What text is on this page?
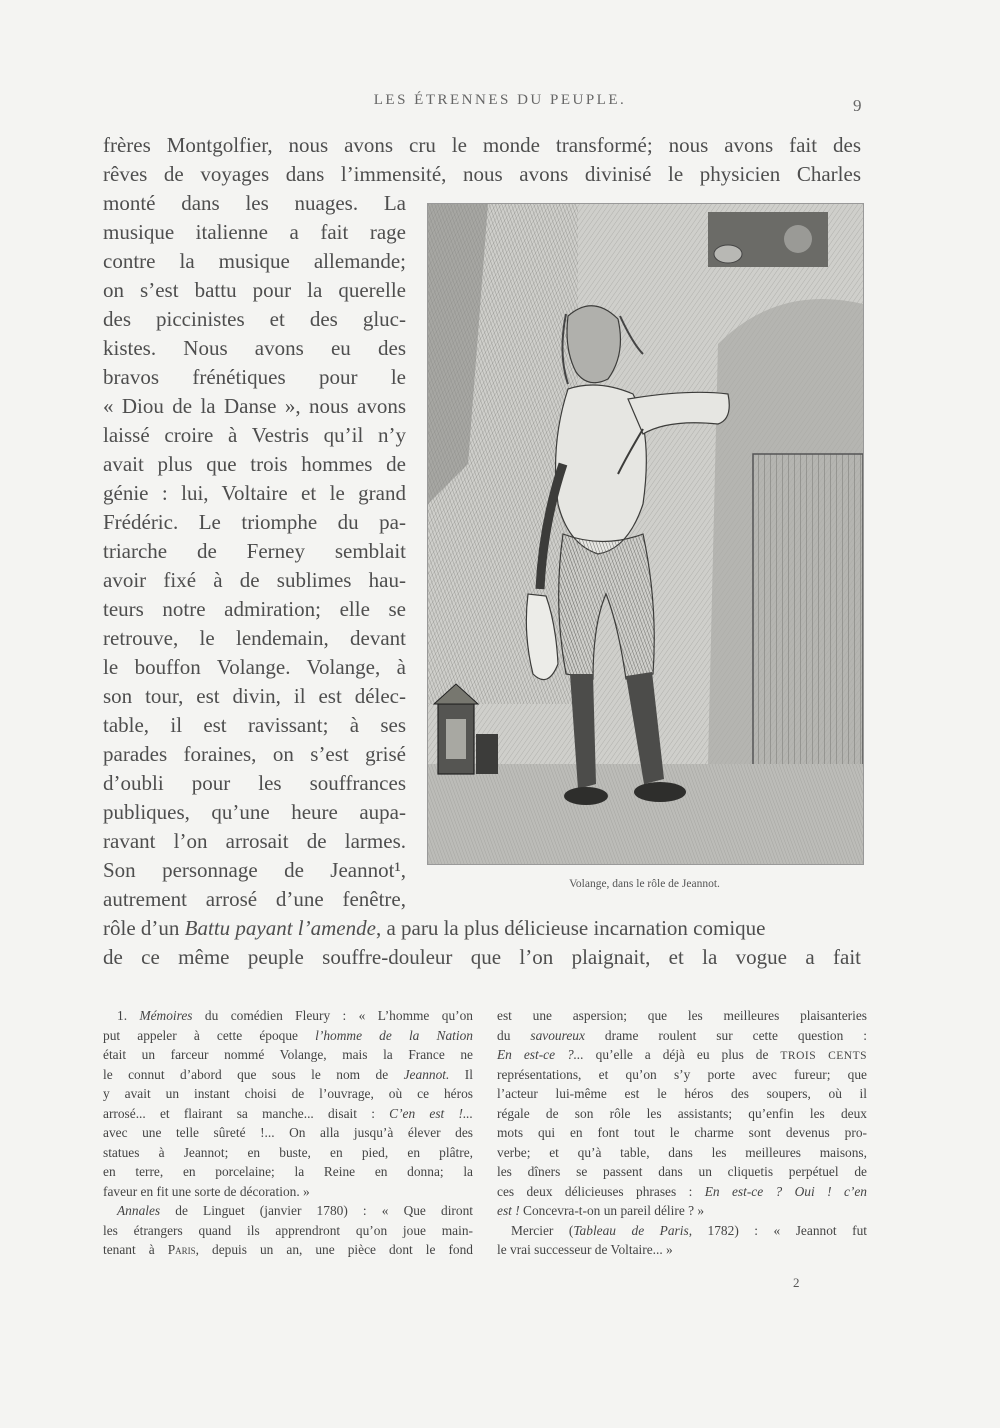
LES ÉTRENNES DU PEUPLE.	9
frères Montgolfier, nous avons cru le monde transformé; nous avons fait des
rêves de voyages dans l’immensité, nous avons divinisé le physicien Charles
monté dans les nuages. La
musique italienne a fait rage
contre la musique allemande;
on s’est battu pour la querelle
des piccinistes et des gluc-
kistes. Nous avons eu des
bravos frénétiques pour le
« Diou de la Danse », nous avons
laissé croire à Vestris qu’il n’y
avait plus que trois hommes de
génie : lui, Voltaire et le grand
Frédéric. Le triomphe du pa-
triarche de Ferney semblait
avoir fixé à de sublimes hau-
teurs notre admiration; elle se
retrouve, le lendemain, devant
le bouffon Volange. Volange, à
son tour, est divin, il est délec-
table, il est ravissant; à ses
parades foraines, on s’est grisé
d’oubli pour les souffrances
publiques, qu’une heure aupa-
ravant l’on arrosait de larmes.
Son personnage de Jeannot¹,
autrement arrosé d’une fenêtre,
rôle d’un Battu payant l’amende, a paru la plus délicieuse incarnation comique
de ce même peuple souffre-douleur que l’on plaignait, et la vogue a fait
Volange, dans le rôle de Jeannot.
1. Mémoires du comédien Fleury : « L’homme qu’on
put appeler à cette époque l’homme de la Nation
était un farceur nommé Volange, mais la France ne
le connut d’abord que sous le nom de Jeannot. Il
y avait un instant choisi de l’ouvrage, où ce héros
arrosé... et flairant sa manche... disait : C’en est !...
avec une telle sûreté !... On alla jusqu’à élever des
statues à Jeannot; en buste, en pied, en plâtre,
en terre, en porcelaine; la Reine en donna; la
faveur en fit une sorte de décoration. »
Annales de Linguet (janvier 1780) : « Que diront
les étrangers quand ils apprendront qu’on joue main-
tenant à Paris, depuis un an, une pièce dont le fond
est une aspersion; que les meilleures plaisanteries
du savoureux drame roulent sur cette question :
En est-ce ?... qu’elle a déjà eu plus de TROIS CENTS
représentations, et qu’on s’y porte avec fureur; que
l’acteur lui-même est le héros des soupers, où il
régale de son rôle les assistants; qu’enfin les deux
mots qui en font tout le charme sont devenus pro-
verbe; et qu’à table, dans les meilleures maisons,
les dîners se passent dans un cliquetis perpétuel de
ces deux délicieuses phrases : En est-ce ? Oui ! c’en
est ! Concevra-t-on un pareil délire ? »
Mercier (Tableau de Paris, 1782) : « Jeannot fut
le vrai successeur de Voltaire... »
2
